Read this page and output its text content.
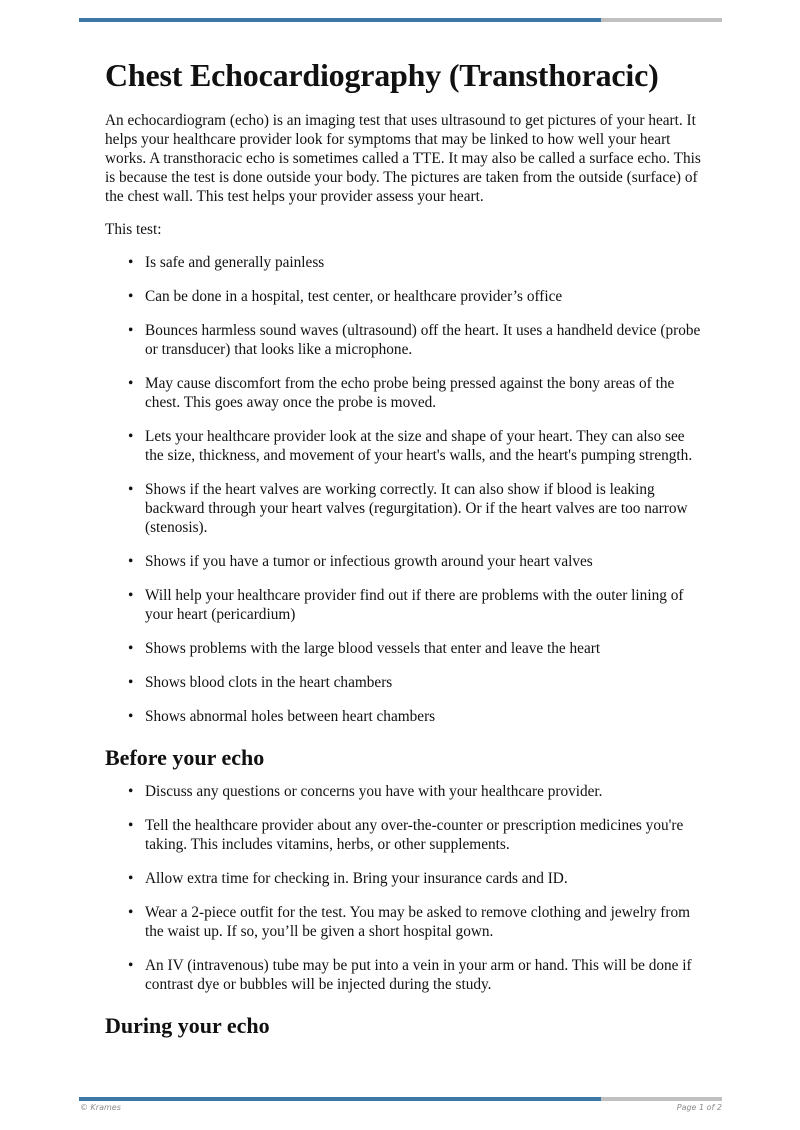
Chest Echocardiography (Transthoracic)

An echocardiogram (echo) is an imaging test that uses ultrasound to get pictures of your heart. It helps your healthcare provider look for symptoms that may be linked to how well your heart works. A transthoracic echo is sometimes called a TTE. It may also be called a surface echo. This is because the test is done outside your body. The pictures are taken from the outside (surface) of the chest wall. This test helps your provider assess your heart.

This test:

• Is safe and generally painless
• Can be done in a hospital, test center, or healthcare provider’s office
• Bounces harmless sound waves (ultrasound) off the heart. It uses a handheld device (probe or transducer) that looks like a microphone.
• May cause discomfort from the echo probe being pressed against the bony areas of the chest. This goes away once the probe is moved.
• Lets your healthcare provider look at the size and shape of your heart. They can also see the size, thickness, and movement of your heart's walls, and the heart's pumping strength.
• Shows if the heart valves are working correctly. It can also show if blood is leaking backward through your heart valves (regurgitation). Or if the heart valves are too narrow (stenosis).
• Shows if you have a tumor or infectious growth around your heart valves
• Will help your healthcare provider find out if there are problems with the outer lining of your heart (pericardium)
• Shows problems with the large blood vessels that enter and leave the heart
• Shows blood clots in the heart chambers
• Shows abnormal holes between heart chambers
Before your echo
• Discuss any questions or concerns you have with your healthcare provider.
• Tell the healthcare provider about any over-the-counter or prescription medicines you're taking. This includes vitamins, herbs, or other supplements.
• Allow extra time for checking in. Bring your insurance cards and ID.
• Wear a 2-piece outfit for the test. You may be asked to remove clothing and jewelry from the waist up. If so, you’ll be given a short hospital gown.
• An IV (intravenous) tube may be put into a vein in your arm or hand. This will be done if contrast dye or bubbles will be injected during the study.
During your echo
© Krames	Page 1 of 2
